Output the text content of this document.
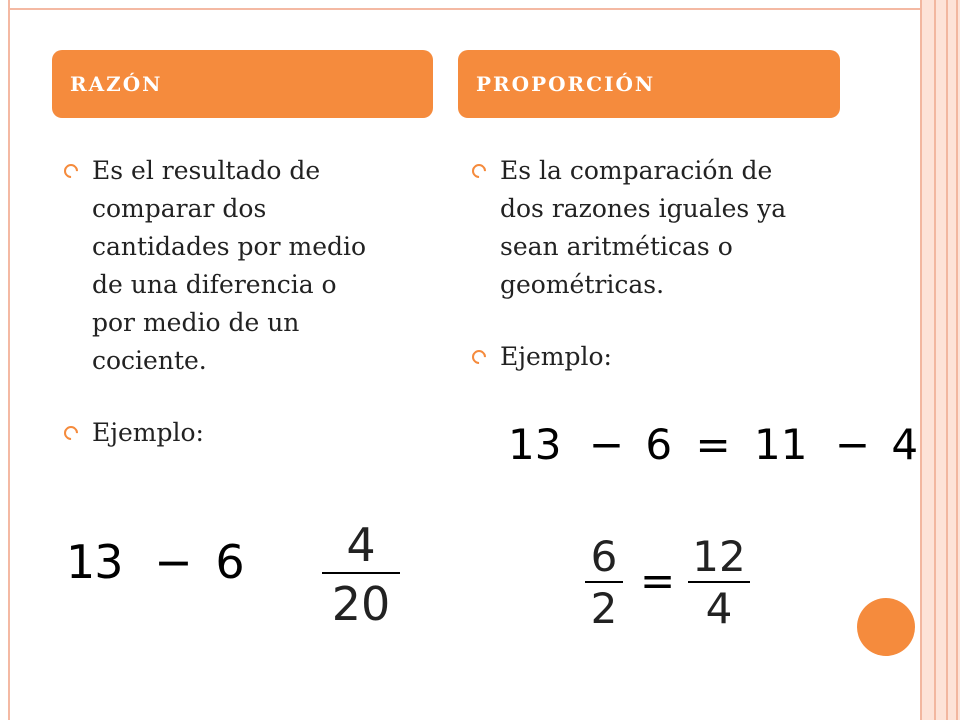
RAZÓN	PROPORCIÓN
Es el resultado de
comparar dos
cantidades por medio
de una diferencia o
por medio de un
cociente.
Ejemplo:
Es la comparación de
dos razones iguales ya
sean aritméticas o
geométricas.
Ejemplo:
13 − 6	4
20
13 − 6 = 11 − 4
6
2
= 12
4
